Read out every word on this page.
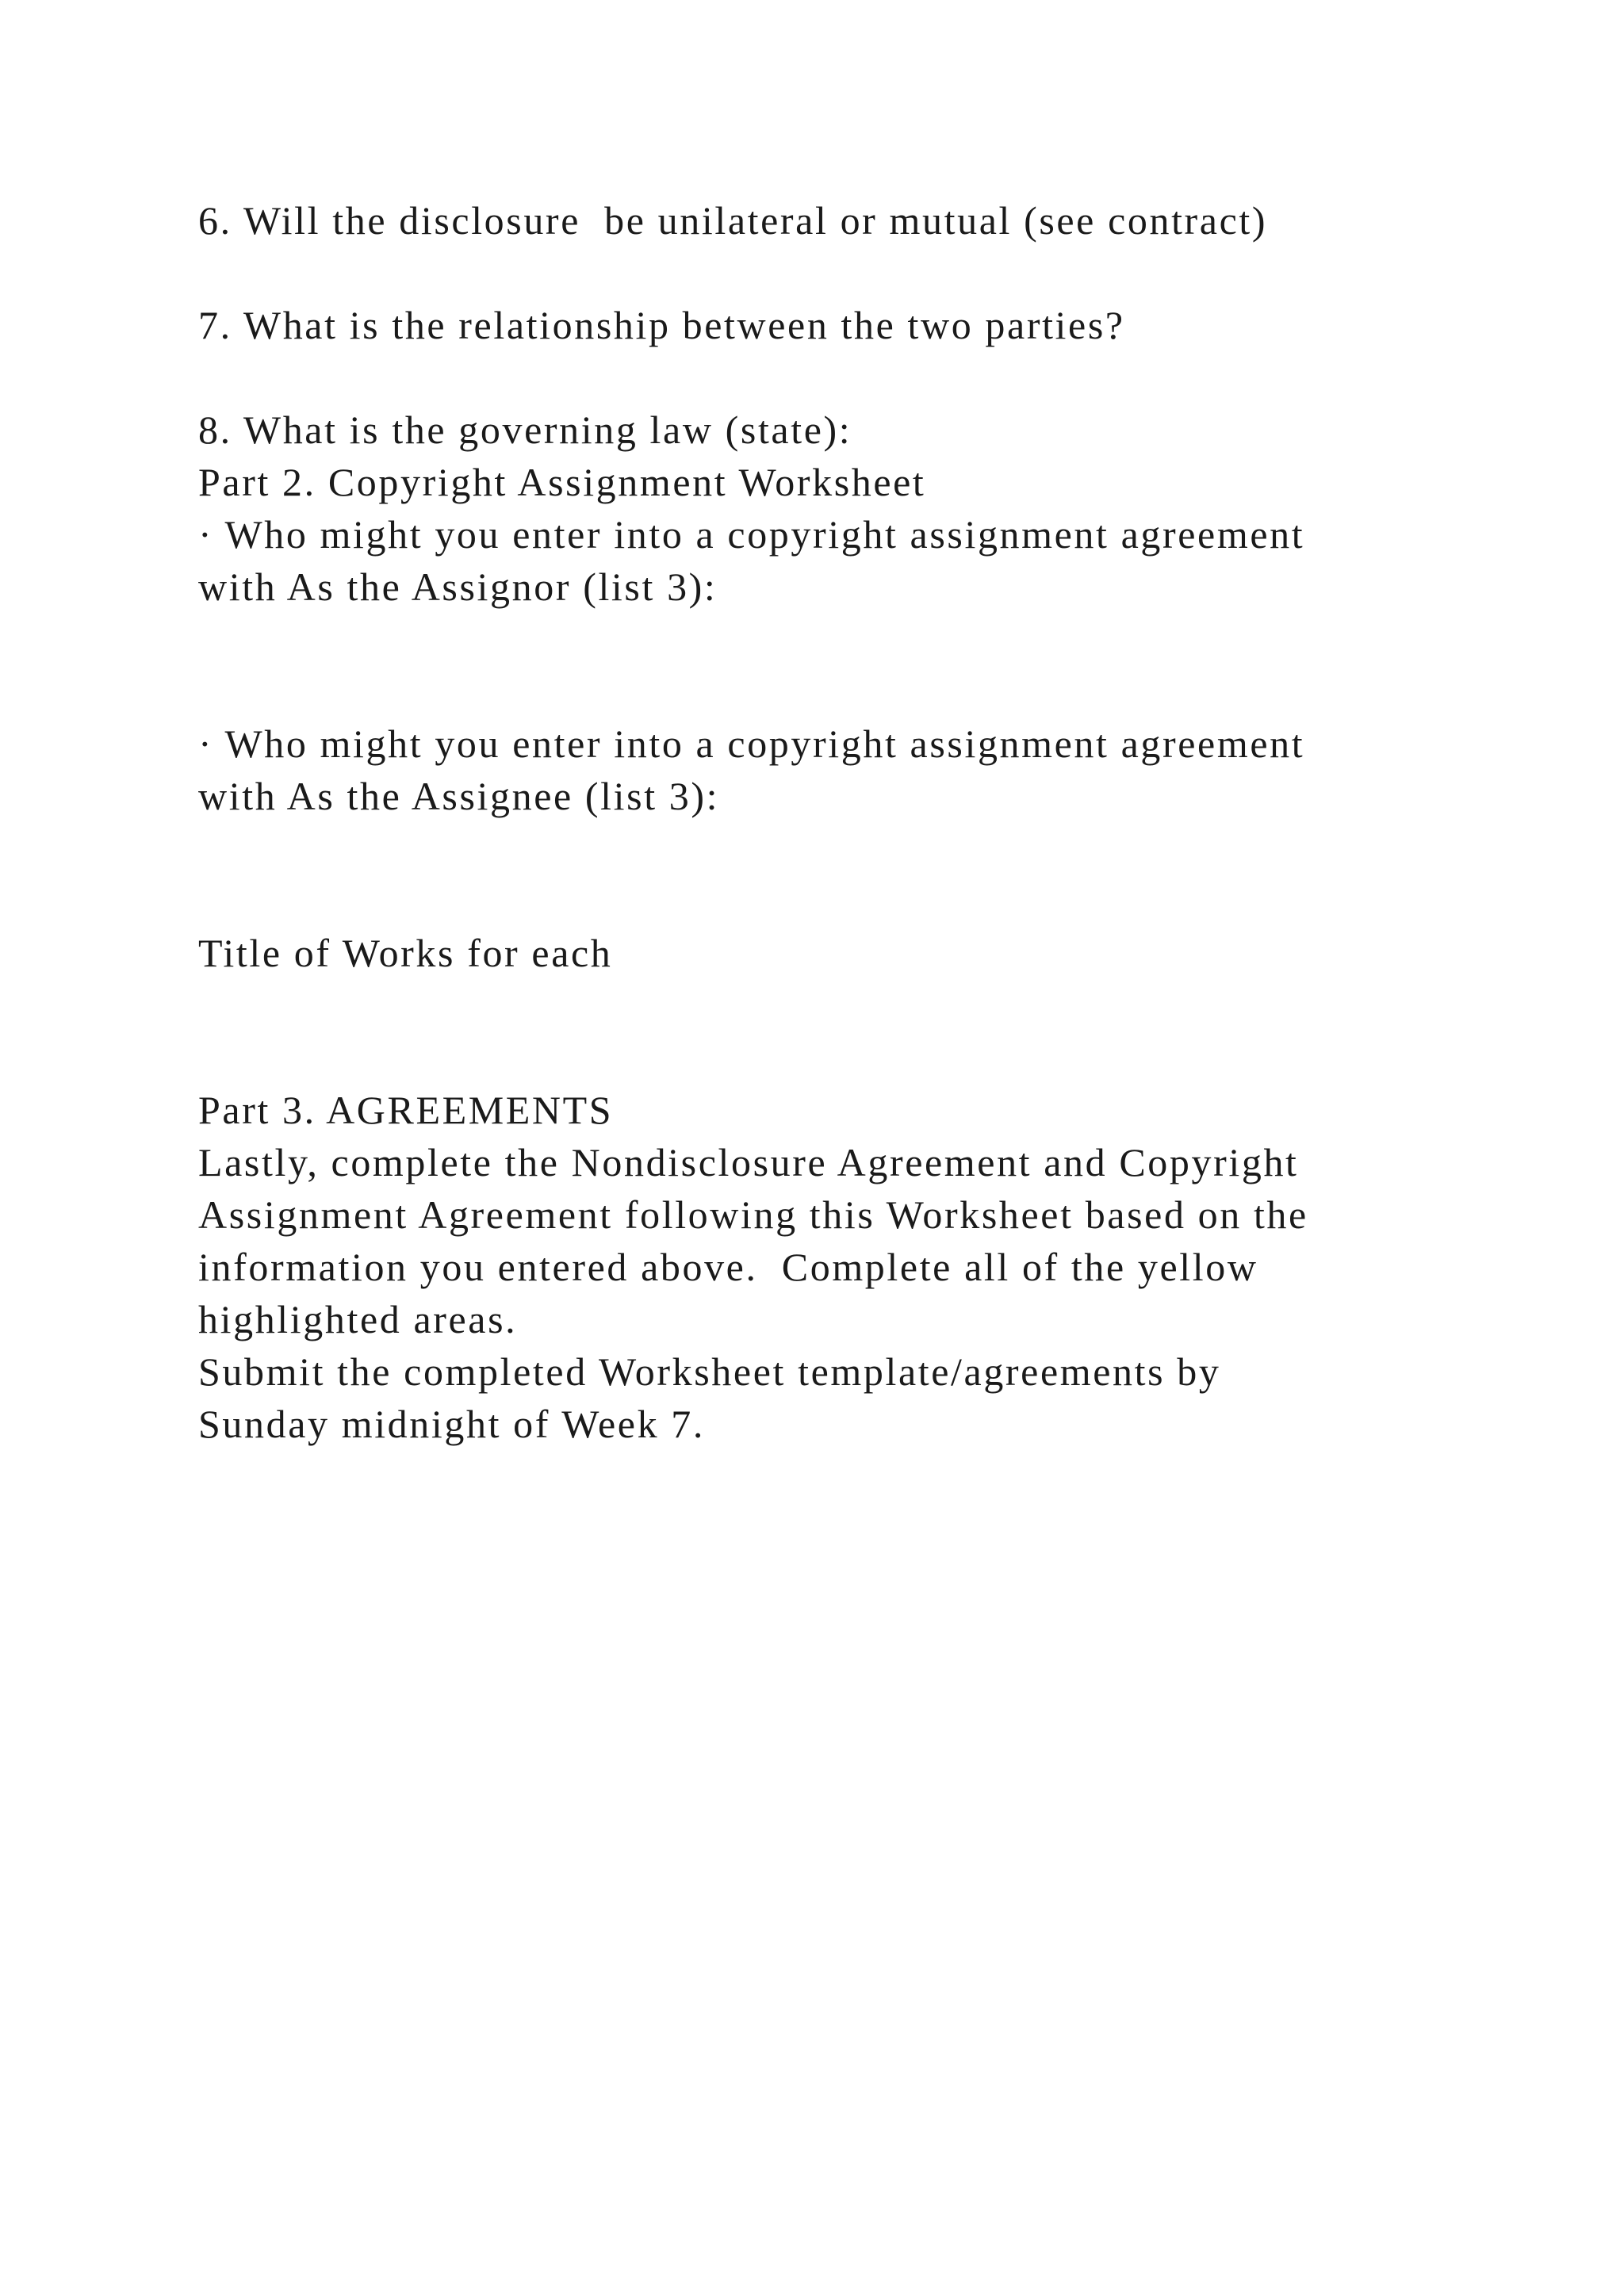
6. Will the disclosure  be unilateral or mutual (see contract)
7. What is the relationship between the two parties?
8. What is the governing law (state):
Part 2. Copyright Assignment Worksheet
· Who might you enter into a copyright assignment agreement
with As the Assignor (list 3):
· Who might you enter into a copyright assignment agreement
with As the Assignee (list 3):
Title of Works for each
Part 3. AGREEMENTS
Lastly, complete the Nondisclosure Agreement and Copyright
Assignment Agreement following this Worksheet based on the
information you entered above.  Complete all of the yellow
highlighted areas.
Submit the completed Worksheet template/agreements by
Sunday midnight of Week 7.
